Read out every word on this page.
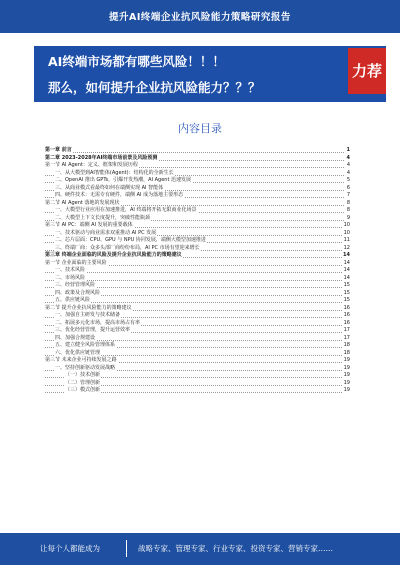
提升AI终端企业抗风险能力策略研究报告
AI终端市场都有哪些风险！！！
那么，如何提升企业抗风险能力？？？
力荐
内容目录
第一章 前言	1
第二章 2023-2028年AI终端市场前景及风险预测	4
第一节 AI Agent：定义、框架和发展历程	4
一、从大模型到AI智能体(Agent)：结构化的全新生长	4
二、OpenAI 推出 GPTs，引爆开发热潮，AI Agent 迅速发展	5
三、从商业模式看最终如何在端侧实现 AI 智能体	6
四、硬件技术：无需专有硬件，端侧 AI 成为落地主要形态	7
第二节 AI Agent 落地的发展现状	8
一、大模型行业应用在加速推进，AI 终端将开拓无限商业化场景	8
二、大模型上下文长度提升，突破性能瓶颈	9
第三节 AI PC：端侧 AI 发展的重要载体	10
一、技术驱动与商业需求双重推动 AI PC 发展	10
二、芯片层面：CPU、GPU 与 NPU 协同发展，端侧大模型加速推进	11
三、终端厂商：众多头部厂商纷纷布局，AI PC 市场有望迎来增长	12
第三章 终端企业面临的风险及提升企业抗风险能力的策略建议	14
第一节 企业面临的主要风险	14
一、技术风险	14
二、市场风险	14
三、经营管理风险	15
四、政策及合规风险	15
五、供应链风险	15
第二节 提升企业抗风险能力的策略建议	16
一、加强自主研发与技术储备	16
二、拓展多元化市场，提高市场占有率	16
三、优化经营管理，提升运营效率	17
四、加强合规建设	17
五、建立健全风险管理体系	18
六、优化供应链管理	18
第三节 未来企业可持续发展之路	19
一、坚持创新驱动发展战略	19
（一）技术创新	19
（二）管理创新	19
（三）模式创新	19
让每个人都能成为	战略专家、管理专家、行业专家、投资专家、营销专家……
